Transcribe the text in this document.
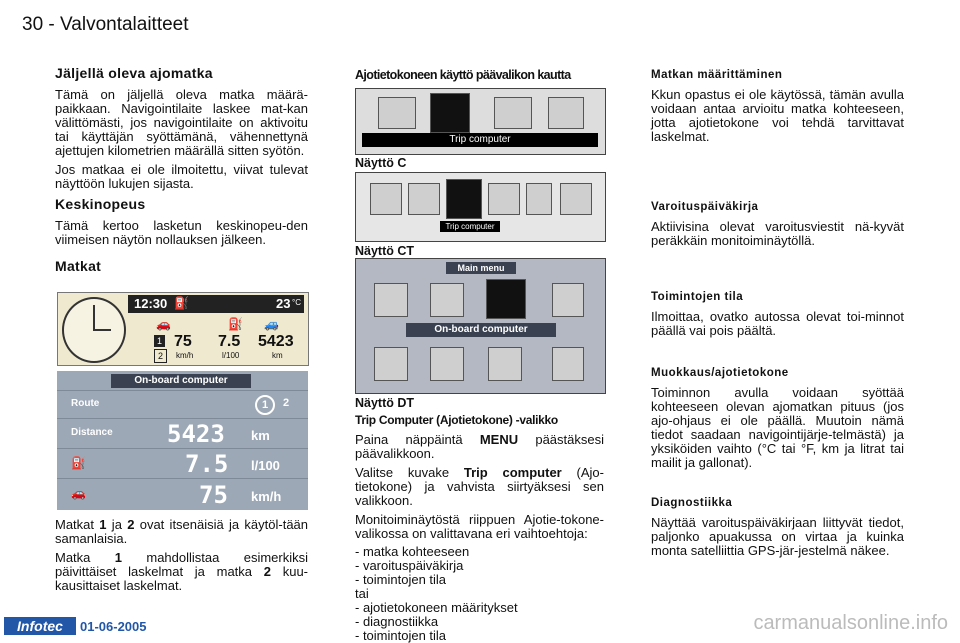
30 - Valvontalaitteet
Jäljellä oleva ajomatka

Tämä on jäljellä oleva matka määrä-paikkaan. Navigointilaite laskee mat-kan välittömästi, jos navigointilaite on aktivoitu tai käyttäjän syöttämänä, vähennettynä ajettujen kilometrien määrällä sitten syötön.

Jos matkaa ei ole ilmoitettu, viivat tulevat näyttöön lukujen sijasta.

Keskinopeus

Tämä kertoo lasketun keskinopeu-den viimeisen näytön nollauksen jälkeen.

Matkat
12:30 ⛽	23 °C
🚗	⛽ 🚙
1
2
75 7.5 5423
km/h	l/100	km
On-board computer
Route	1	2
Distance 5423 km
⛽	7.5 l/100
🚗	75 km/h

Matkat 1 ja 2 ovat itsenäisiä ja käytöl-tään samanlaisia.

Matka 1 mahdollistaa esimerkiksi päivittäiset laskelmat ja matka 2 kuu-kausittaiset laskelmat.

Ajotietokoneen käyttö päävalikon kautta
Trip computer
Näyttö C
Trip computer
Näyttö CT
Main menu
On-board computer
Näyttö DT
Trip Computer (Ajotietokone) -valikko

Paina näppäintä MENU päästäksesi päävalikkoon.

Valitse kuvake Trip computer (Ajo-tietokone) ja vahvista siirtyäksesi sen valikkoon.

Monitoiminäytöstä riippuen Ajotie-tokone-valikossa on valittavana eri vaihtoehtoja:

- matka kohteeseen
- varoituspäiväkirja
- toimintojen tila
tai
- ajotietokoneen määritykset
- diagnostiikka
- toimintojen tila
Matkan määrittäminen

Kkun opastus ei ole käytössä, tämän avulla voidaan antaa arvioitu matka kohteeseen, jotta ajotietokone voi tehdä tarvittavat laskelmat.

Varoituspäiväkirja

Aktiivisina olevat varoitusviestit nä-kyvät peräkkäin monitoiminäytöllä.

Toimintojen tila

Ilmoittaa, ovatko autossa olevat toi-minnot päällä vai pois päältä.

Muokkaus/ajotietokone

Toiminnon avulla voidaan syöttää kohteeseen olevan ajomatkan pituus (jos ajo-ohjaus ei ole päällä. Muutoin nämä tiedot saadaan navigointijärje-telmästä) ja yksiköiden vaihto (°C tai °F, km ja litrat tai mailit ja gallonat).

Diagnostiikka

Näyttää varoituspäiväkirjaan liittyvät tiedot, paljonko apuakussa on virtaa ja kuinka monta satelliittia GPS-jär-jestelmä näkee.

Infotec	01-06-2005	carmanualsonline.info
